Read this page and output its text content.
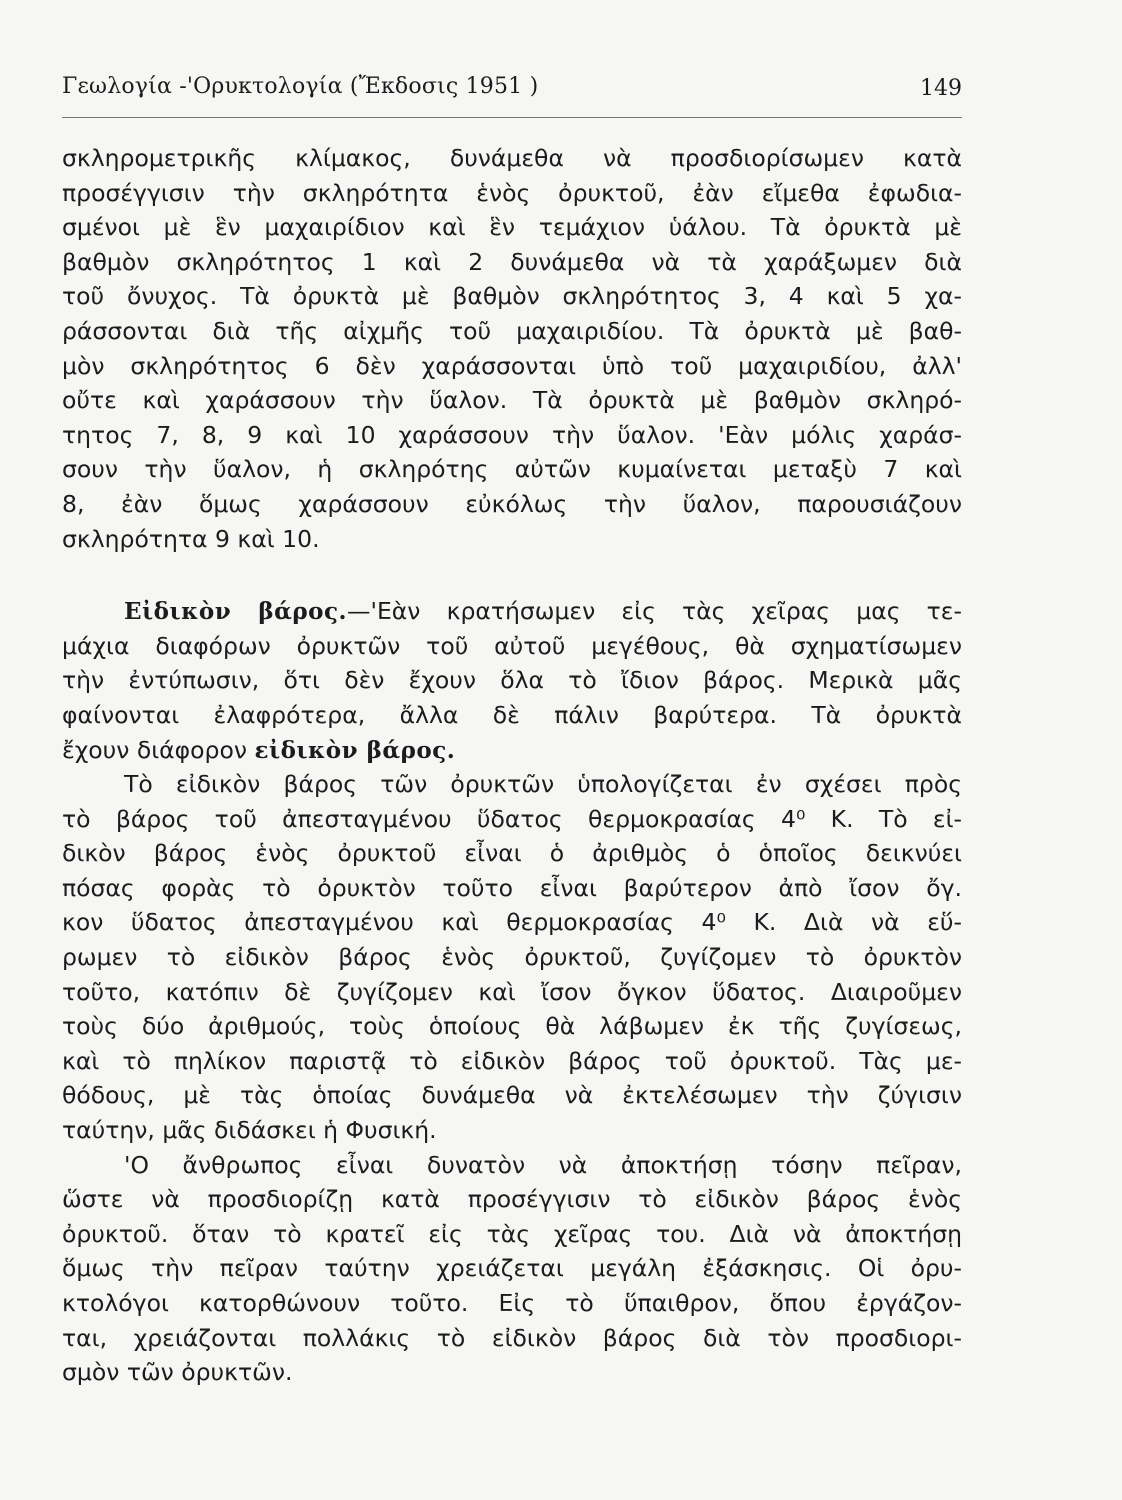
Γεωλογία -'Ορυκτολογία (Ἔκδοσις 1951 )	149
σκληρομετρικῆς κλίμακος, δυνάμεθα νὰ προσδιορίσωμεν κατὰ
προσέγγισιν τὴν σκληρότητα ἑνὸς ὀρυκτοῦ, ἐὰν εἴμεθα ἐφωδια-
σμένοι μὲ ἓν μαχαιρίδιον καὶ ἓν τεμάχιον ὑάλου. Τὰ ὀρυκτὰ μὲ
βαθμὸν σκληρότητος 1 καὶ 2 δυνάμεθα νὰ τὰ χαράξωμεν διὰ
τοῦ ὄνυχος. Τὰ ὀρυκτὰ μὲ βαθμὸν σκληρότητος 3, 4 καὶ 5 χα-
ράσσονται διὰ τῆς αἰχμῆς τοῦ μαχαιριδίου. Τὰ ὀρυκτὰ μὲ βαθ-
μὸν σκληρότητος 6 δὲν χαράσσονται ὑπὸ τοῦ μαχαιριδίου, ἀλλ'
οὔτε καὶ χαράσσουν τὴν ὕαλον. Τὰ ὀρυκτὰ μὲ βαθμὸν σκληρό-
τητος 7, 8, 9 καὶ 10 χαράσσουν τὴν ὕαλον. 'Εὰν μόλις χαράσ-
σουν τὴν ὕαλον, ἡ σκληρότης αὐτῶν κυμαίνεται μεταξὺ 7 καὶ
8, ἐὰν ὅμως χαράσσουν εὐκόλως τὴν ὕαλον, παρουσιάζουν
σκληρότητα 9 καὶ 10.
Εἰδικὸν βάρος.—'Εὰν κρατήσωμεν εἰς τὰς χεῖρας μας τε-
μάχια διαφόρων ὀρυκτῶν τοῦ αὐτοῦ μεγέθους, θὰ σχηματίσωμεν
τὴν ἐντύπωσιν, ὅτι δὲν ἔχουν ὅλα τὸ ἴδιον βάρος. Μερικὰ μᾶς
φαίνονται ἐλαφρότερα, ἄλλα δὲ πάλιν βαρύτερα. Τὰ ὀρυκτὰ
ἔχουν διάφορον εἰδικὸν βάρος.
Τὸ εἰδικὸν βάρος τῶν ὀρυκτῶν ὑπολογίζεται ἐν σχέσει πρὸς
τὸ βάρος τοῦ ἀπεσταγμένου ὕδατος θερμοκρασίας 4⁰ Κ. Τὸ εἰ-
δικὸν βάρος ἑνὸς ὀρυκτοῦ εἶναι ὁ ἀριθμὸς ὁ ὁποῖος δεικνύει
πόσας φορὰς τὸ ὀρυκτὸν τοῦτο εἶναι βαρύτερον ἀπὸ ἴσον ὄγ.
κον ὕδατος ἀπεσταγμένου καὶ θερμοκρασίας 4⁰ Κ. Διὰ νὰ εὕ-
ρωμεν τὸ εἰδικὸν βάρος ἑνὸς ὀρυκτοῦ, ζυγίζομεν τὸ ὀρυκτὸν
τοῦτο, κατόπιν δὲ ζυγίζομεν καὶ ἴσον ὄγκον ὕδατος. Διαιροῦμεν
τοὺς δύο ἀριθμούς, τοὺς ὁποίους θὰ λάβωμεν ἐκ τῆς ζυγίσεως,
καὶ τὸ πηλίκον παριστᾷ τὸ εἰδικὸν βάρος τοῦ ὀρυκτοῦ. Τὰς με-
θόδους, μὲ τὰς ὁποίας δυνάμεθα νὰ ἐκτελέσωμεν τὴν ζύγισιν
ταύτην, μᾶς διδάσκει ἡ Φυσική.
'Ο ἄνθρωπος εἶναι δυνατὸν νὰ ἀποκτήσῃ τόσην πεῖραν,
ὥστε νὰ προσδιορίζῃ κατὰ προσέγγισιν τὸ εἰδικὸν βάρος ἑνὸς
ὀρυκτοῦ. ὅταν τὸ κρατεῖ εἰς τὰς χεῖρας του. Διὰ νὰ ἀποκτήσῃ
ὅμως τὴν πεῖραν ταύτην χρειάζεται μεγάλη ἐξάσκησις. Οἱ ὀρυ-
κτολόγοι κατορθώνουν τοῦτο. Εἰς τὸ ὕπαιθρον, ὅπου ἐργάζον-
ται, χρειάζονται πολλάκις τὸ εἰδικὸν βάρος διὰ τὸν προσδιορι-
σμὸν τῶν ὀρυκτῶν.
